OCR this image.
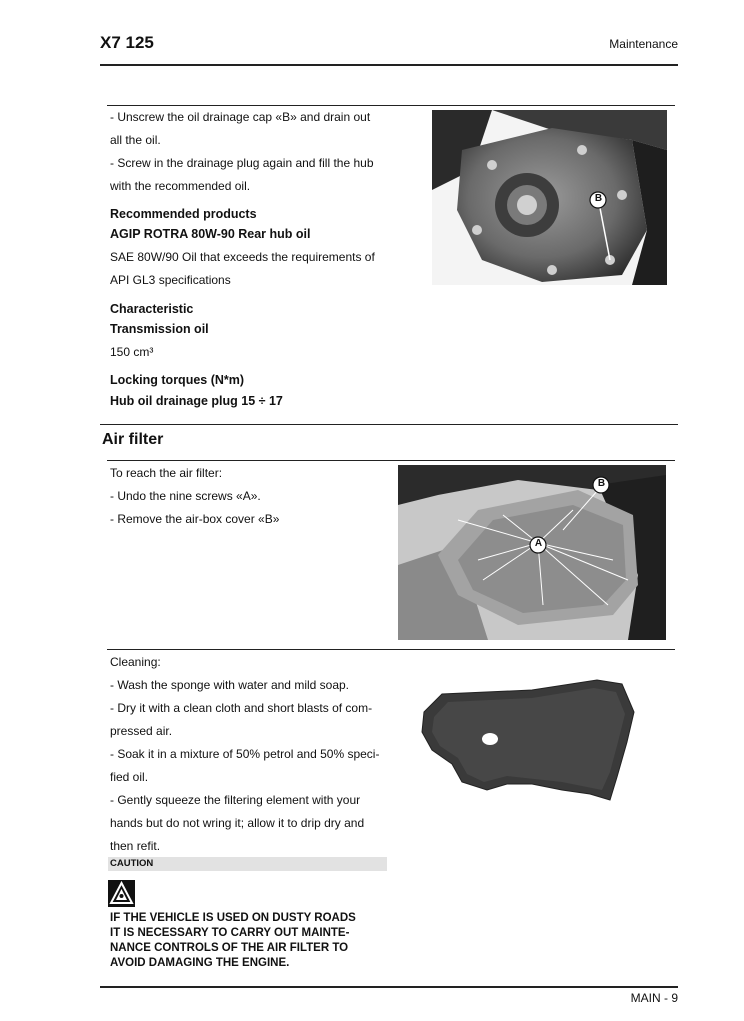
X7 125	Maintenance
- Unscrew the oil drainage cap «B» and drain out
all the oil.
- Screw in the drainage plug again and fill the hub
with the recommended oil.
Recommended products
AGIP ROTRA 80W-90 Rear hub oil
SAE 80W/90 Oil that exceeds the requirements of
API GL3 specifications
Characteristic
Transmission oil
150 cm³
Locking torques (N*m)
Hub oil drainage plug 15 ÷ 17
B
Air filter
To reach the air filter:
- Undo the nine screws «A».
- Remove the air-box cover «B»
A
B
Cleaning:
- Wash the sponge with water and mild soap.
- Dry it with a clean cloth and short blasts of com-
pressed air.
- Soak it in a mixture of 50% petrol and 50% speci-
fied oil.
- Gently squeeze the filtering element with your
hands but do not wring it; allow it to drip dry and
then refit.
CAUTION
IF THE VEHICLE IS USED ON DUSTY ROADS
IT IS NECESSARY TO CARRY OUT MAINTE-
NANCE CONTROLS OF THE AIR FILTER TO
AVOID DAMAGING THE ENGINE.
MAIN - 9
